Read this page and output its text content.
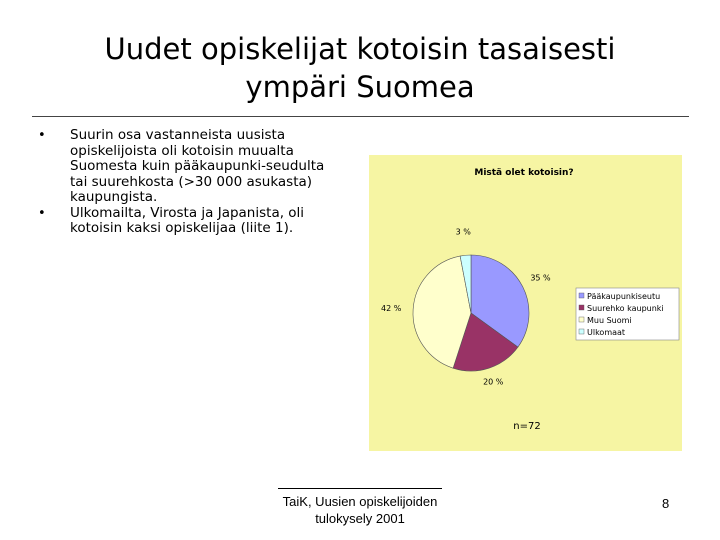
Uudet opiskelijat kotoisin tasaisesti
ympäri Suomea
• Suurin osa vastanneista uusista opiskelijoista oli kotoisin muualta Suomesta kuin pääkaupunki-seudulta tai suurehkosta (>30 000 asukasta) kaupungista.
• Ulkomailta, Virosta ja Japanista, oli kotoisin kaksi opiskelijaa (liite 1).
Mistä olet kotoisin?
35 %
20 %
42 %
3 %
Pääkaupunkiseutu
Suurehko kaupunki
Muu Suomi
Ulkomaat
n=72
TaiK, Uusien opiskelijoiden
tulokysely 2001
8
